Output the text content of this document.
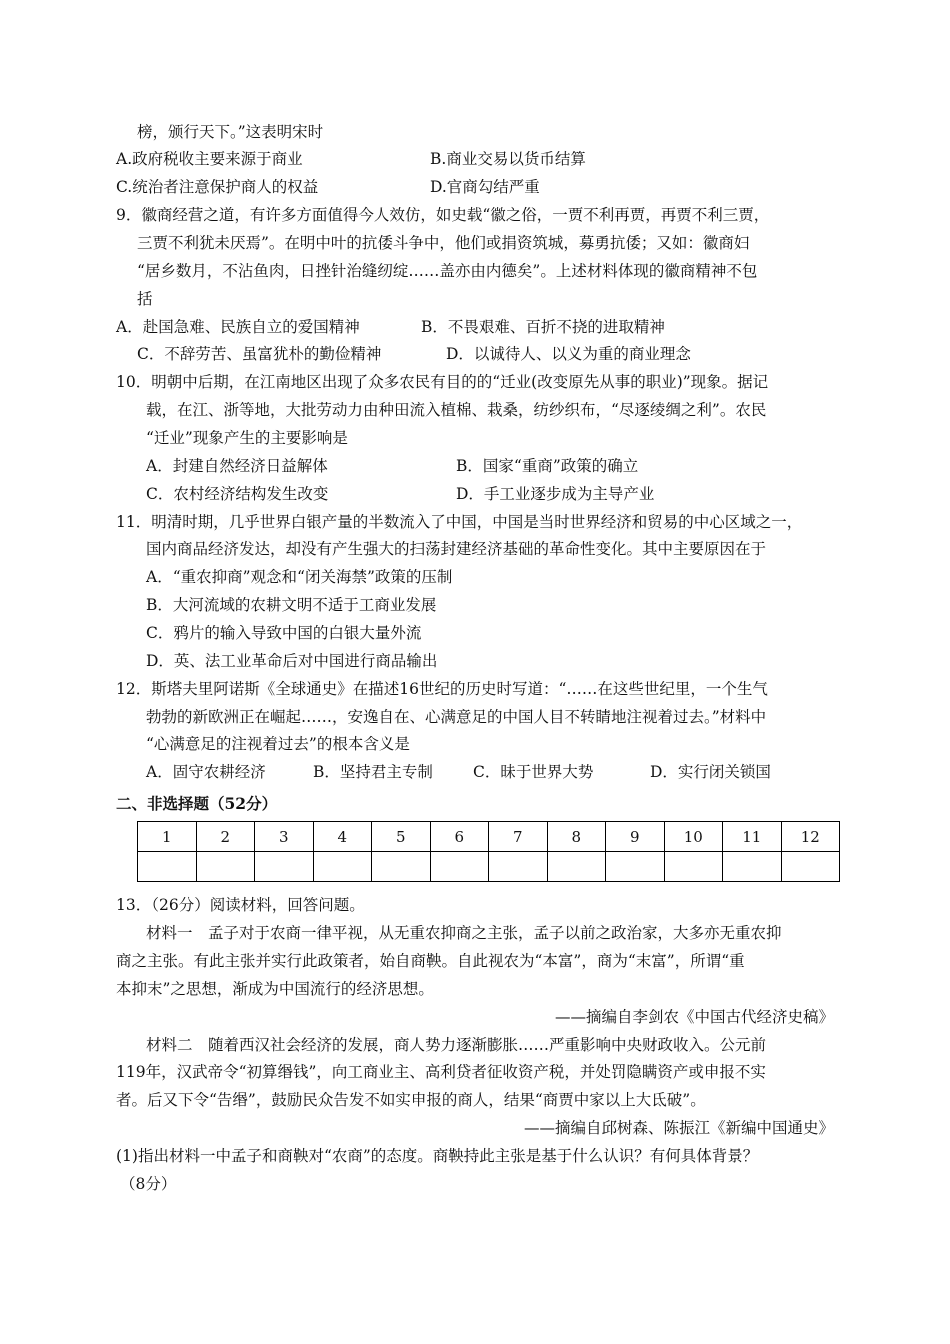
榜，颁行天下。”这表明宋时
A.政府税收主要来源于商业	B.商业交易以货币结算
C.统治者注意保护商人的权益	D.官商勾结严重
9．徽商经营之道，有许多方面值得今人效仿，如史载“徽之俗，一贾不利再贾，再贾不利三贾，
三贾不利犹未厌焉”。在明中叶的抗倭斗争中，他们或捐资筑城，募勇抗倭；又如：徽商妇
“居乡数月，不沾鱼肉，日挫针治缝纫绽……盖亦由内德矣”。上述材料体现的徽商精神不包
括
A．赴国急难、民族自立的爱国精神	B．不畏艰难、百折不挠的进取精神
C．不辞劳苦、虽富犹朴的勤俭精神	D．以诚待人、以义为重的商业理念
10．明朝中后期，在江南地区出现了众多农民有目的的“迁业(改变原先从事的职业)”现象。据记
载，在江、浙等地，大批劳动力由种田流入植棉、栽桑，纺纱织布，“尽逐绫绸之利”。农民
“迁业”现象产生的主要影响是
A．封建自然经济日益解体	B．国家“重商”政策的确立
C．农村经济结构发生改变	D．手工业逐步成为主导产业
11．明清时期，几乎世界白银产量的半数流入了中国，中国是当时世界经济和贸易的中心区域之一，
国内商品经济发达，却没有产生强大的扫荡封建经济基础的革命性变化。其中主要原因在于
A．“重农抑商”观念和“闭关海禁”政策的压制
B．大河流域的农耕文明不适于工商业发展
C．鸦片的输入导致中国的白银大量外流
D．英、法工业革命后对中国进行商品输出
12．斯塔夫里阿诺斯《全球通史》在描述16世纪的历史时写道：“……在这些世纪里，一个生气
勃勃的新欧洲正在崛起……，安逸自在、心满意足的中国人目不转睛地注视着过去。”材料中
“心满意足的注视着过去”的根本含义是
A．固守农耕经济	B．坚持君主专制	C．昧于世界大势	D．实行闭关锁国
二、非选择题（52分）
1	2	3	4	5	6	7	8	9	10	11	12

13．（26分）阅读材料，回答问题。
材料一　孟子对于农商一律平视，从无重农抑商之主张，孟子以前之政治家，大多亦无重农抑
商之主张。有此主张并实行此政策者，始自商鞅。自此视农为“本富”，商为“末富”，所谓“重
本抑末”之思想，渐成为中国流行的经济思想。
——摘编自李剑农《中国古代经济史稿》
材料二　随着西汉社会经济的发展，商人势力逐渐膨胀……严重影响中央财政收入。公元前
119年，汉武帝令“初算缗钱”，向工商业主、高利贷者征收资产税，并处罚隐瞒资产或申报不实
者。后又下令“告缗”，鼓励民众告发不如实申报的商人，结果“商贾中家以上大氐破”。
——摘编自邱树森、陈振江《新编中国通史》
(1)指出材料一中孟子和商鞅对“农商”的态度。商鞅持此主张是基于什么认识？有何具体背景？
（8分）
